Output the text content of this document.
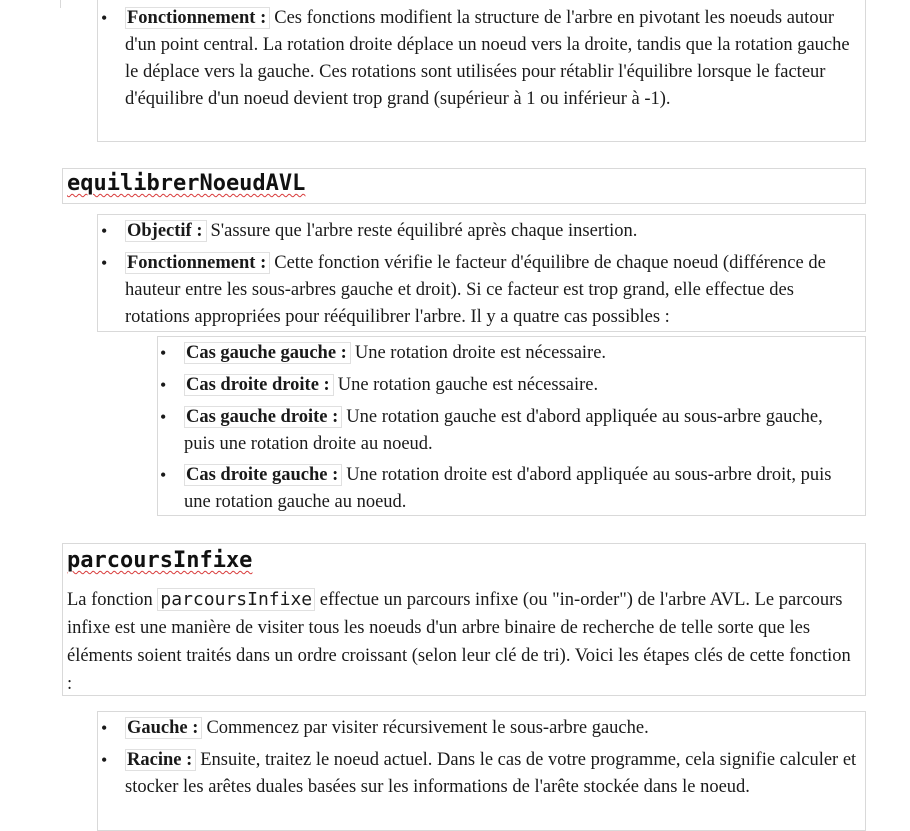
• Fonctionnement : Ces fonctions modifient la structure de l'arbre en pivotant les noeuds autour d'un point central. La rotation droite déplace un noeud vers la droite, tandis que la rotation gauche le déplace vers la gauche. Ces rotations sont utilisées pour rétablir l'équilibre lorsque le facteur d'équilibre d'un noeud devient trop grand (supérieur à 1 ou inférieur à -1).
equilibrerNoeudAVL
• Objectif : S'assure que l'arbre reste équilibré après chaque insertion.
• Fonctionnement : Cette fonction vérifie le facteur d'équilibre de chaque noeud (différence de hauteur entre les sous-arbres gauche et droit). Si ce facteur est trop grand, elle effectue des rotations appropriées pour rééquilibrer l'arbre. Il y a quatre cas possibles :
• Cas gauche gauche : Une rotation droite est nécessaire.
• Cas droite droite : Une rotation gauche est nécessaire.
• Cas gauche droite : Une rotation gauche est d'abord appliquée au sous-arbre gauche, puis une rotation droite au noeud.
• Cas droite gauche : Une rotation droite est d'abord appliquée au sous-arbre droit, puis une rotation gauche au noeud.
parcoursInfixe
La fonction parcoursInfixe effectue un parcours infixe (ou "in-order") de l'arbre AVL. Le parcours infixe est une manière de visiter tous les noeuds d'un arbre binaire de recherche de telle sorte que les éléments soient traités dans un ordre croissant (selon leur clé de tri). Voici les étapes clés de cette fonction :
• Gauche : Commencez par visiter récursivement le sous-arbre gauche.
• Racine : Ensuite, traitez le noeud actuel. Dans le cas de votre programme, cela signifie calculer et stocker les arêtes duales basées sur les informations de l'arête stockée dans le noeud.
